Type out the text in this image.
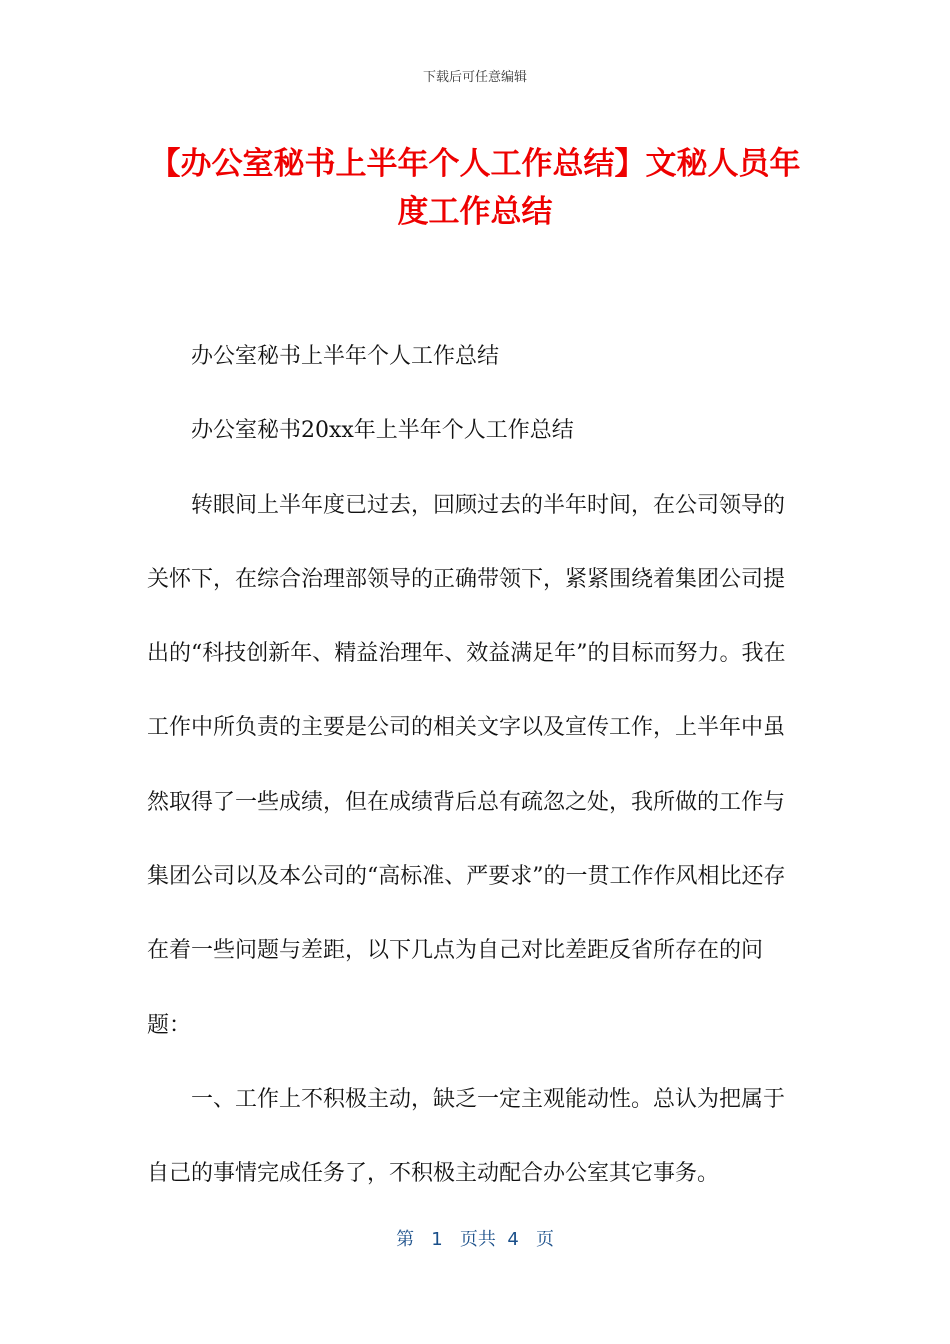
下载后可任意编辑
【办公室秘书上半年个人工作总结】文秘人员年度工作总结

办公室秘书上半年个人工作总结

办公室秘书20xx年上半年个人工作总结

转眼间上半年度已过去，回顾过去的半年时间，在公司领导的关怀下，在综合治理部领导的正确带领下，紧紧围绕着集团公司提出的“科技创新年、精益治理年、效益满足年”的目标而努力。我在工作中所负责的主要是公司的相关文字以及宣传工作，上半年中虽然取得了一些成绩，但在成绩背后总有疏忽之处，我所做的工作与集团公司以及本公司的“高标准、严要求”的一贯工作作风相比还存在着一些问题与差距，以下几点为自己对比差距反省所存在的问题：

一、工作上不积极主动，缺乏一定主观能动性。总认为把属于自己的事情完成任务了，不积极主动配合办公室其它事务。

第 1 页共 4 页
